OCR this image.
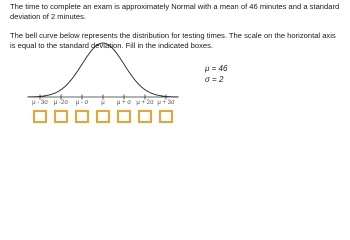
The time to complete an exam is approximately Normal with a mean of 46 minutes and a standard deviation of 2 minutes.

The bell curve below represents the distribution for testing times. The scale on the horizontal axis is equal to the standard deviation. Fill in the indicated boxes.

μ = 46
σ = 2
μ - 3σ μ -2σ μ - σ μ μ + σ μ + 2σ μ + 3σ
